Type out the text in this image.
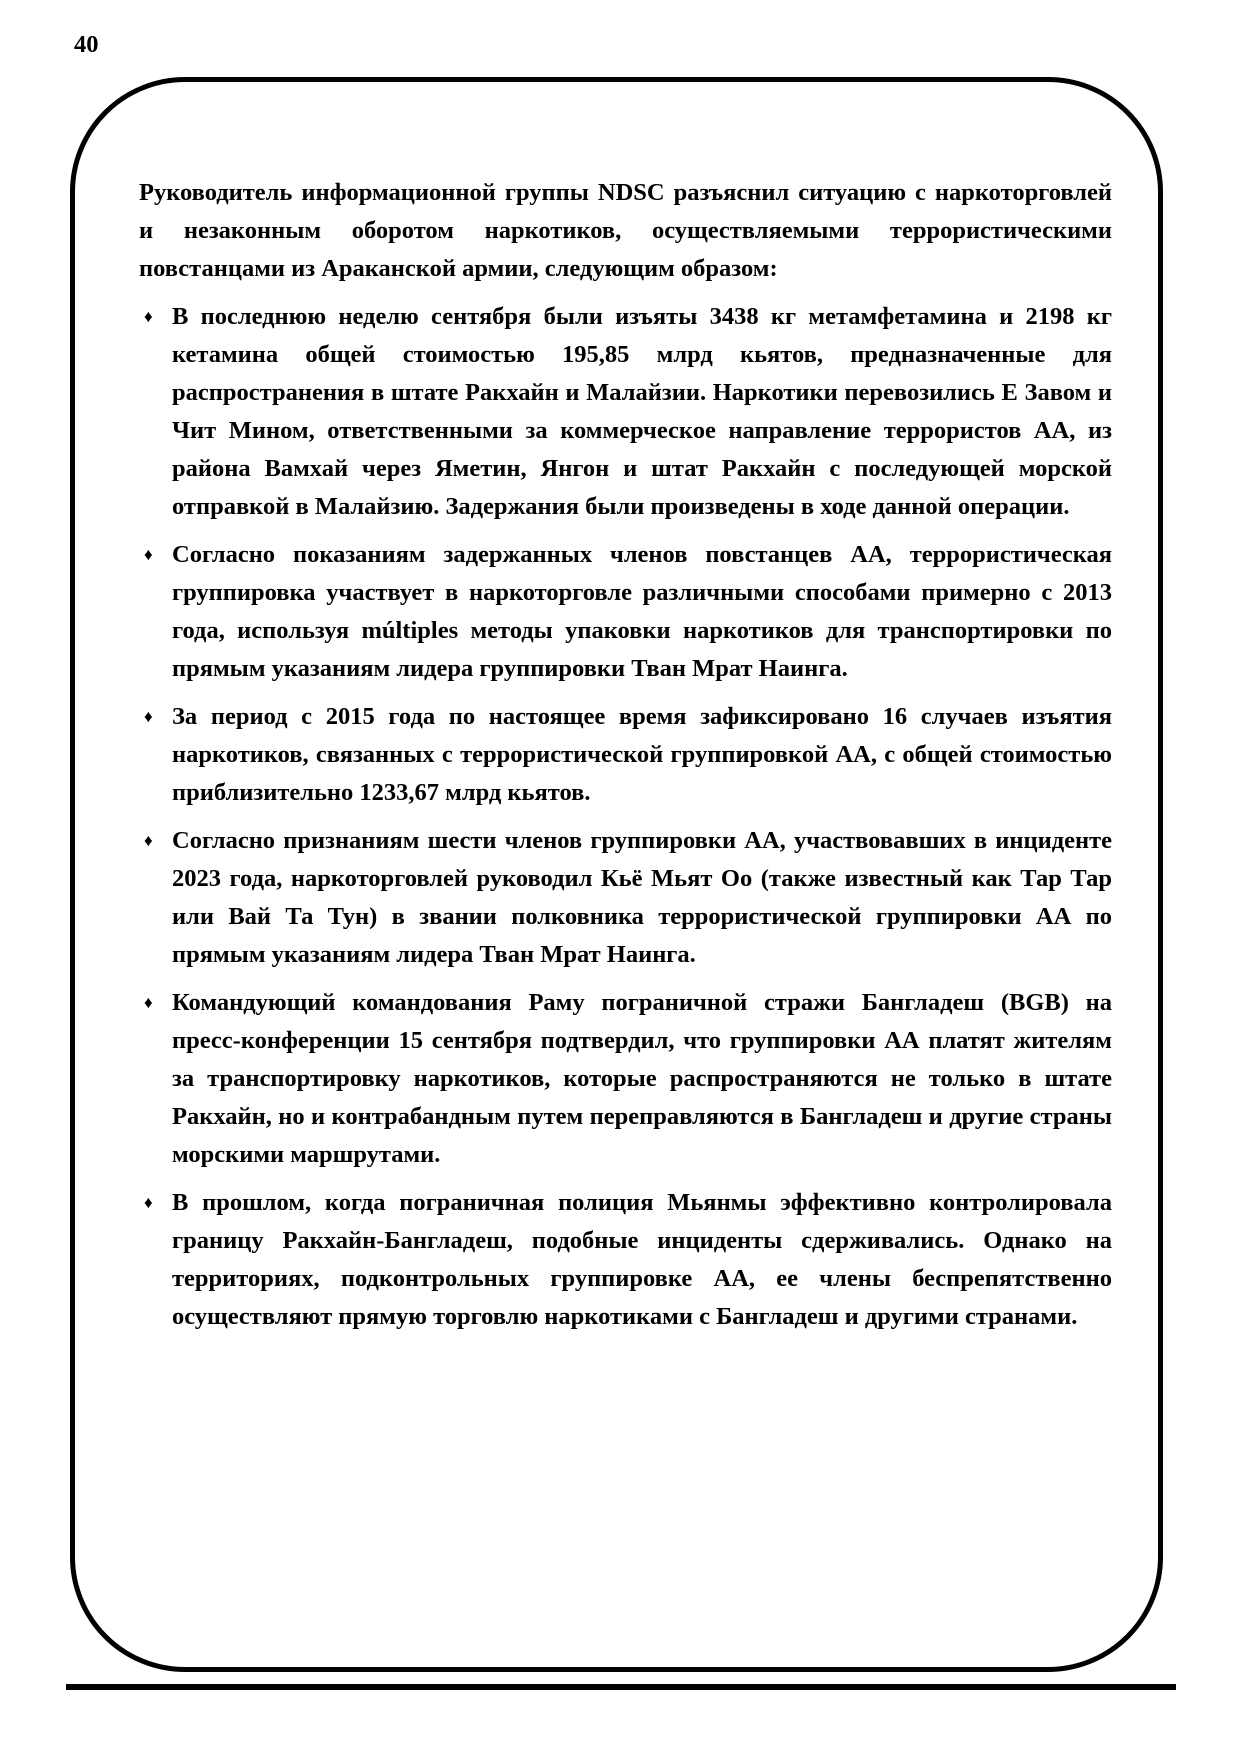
40

Руководитель информационной группы NDSC разъяснил ситуацию с наркоторговлей и незаконным оборотом наркотиков, осуществляемыми террористическими повстанцами из Араканской армии, следующим образом:

♦ В последнюю неделю сентября были изъяты 3438 кг метамфетамина и 2198 кг кетамина общей стоимостью 195,85 млрд кьятов, предназначенные для распространения в штате Ракхайн и Малайзии. Наркотики перевозились Е Завом и Чит Мином, ответственными за коммерческое направление террористов АА, из района Вамхай через Яметин, Янгон и штат Ракхайн с последующей морской отправкой в Малайзию. Задержания были произведены в ходе данной операции.
♦ Согласно показаниям задержанных членов повстанцев АА, террористическая группировка участвует в наркоторговле различными способами примерно с 2013 года, используя múltiples методы упаковки наркотиков для транспортировки по прямым указаниям лидера группировки Тван Мрат Наинга.
♦ За период с 2015 года по настоящее время зафиксировано 16 случаев изъятия наркотиков, связанных с террористической группировкой АА, с общей стоимостью приблизительно 1233,67 млрд кьятов.
♦ Согласно признаниям шести членов группировки АА, участвовавших в инциденте 2023 года, наркоторговлей руководил Кьё Мьят Оо (также известный как Тар Тар или Вай Та Тун) в звании полковника террористической группировки АА по прямым указаниям лидера Тван Мрат Наинга.
♦ Командующий командования Раму пограничной стражи Бангладеш (BGB) на пресс-конференции 15 сентября подтвердил, что группировки АА платят жителям за транспортировку наркотиков, которые распространяются не только в штате Ракхайн, но и контрабандным путем переправляются в Бангладеш и другие страны морскими маршрутами.
♦ В прошлом, когда пограничная полиция Мьянмы эффективно контролировала границу Ракхайн-Бангладеш, подобные инциденты сдерживались. Однако на территориях, подконтрольных группировке АА, ее члены беспрепятственно осуществляют прямую торговлю наркотиками с Бангладеш и другими странами.
